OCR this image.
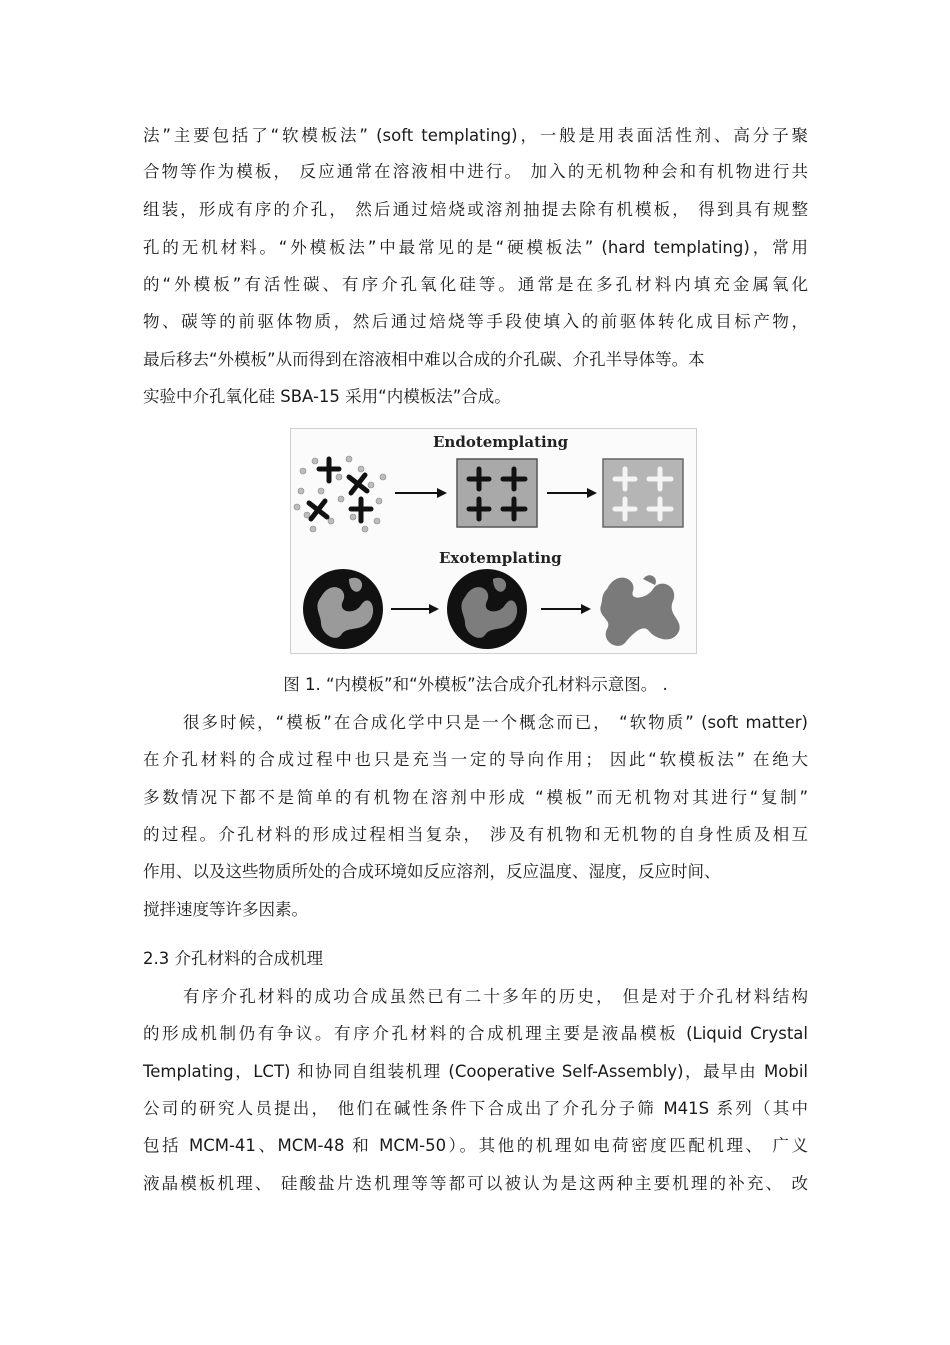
法”主要包括了“软模板法” (soft templating)，一般是用表面活性剂、高分子聚
合物等作为模板， 反应通常在溶液相中进行。 加入的无机物种会和有机物进行共
组装，形成有序的介孔， 然后通过焙烧或溶剂抽提去除有机模板， 得到具有规整
孔的无机材料。“外模板法”中最常见的是“硬模板法” (hard templating)，常用
的“外模板”有活性碳、有序介孔氧化硅等。通常是在多孔材料内填充金属氧化
物、碳等的前驱体物质，然后通过焙烧等手段使填入的前驱体转化成目标产物，
最后移去“外模板”从而得到在溶液相中难以合成的介孔碳、介孔半导体等。本
实验中介孔氧化硅 SBA-15 采用“内模板法”合成。
Endotemplating
Exotemplating
图 1. “内模板”和“外模板”法合成介孔材料示意图。 .
很多时候，“模板”在合成化学中只是一个概念而已， “软物质” (soft matter)
在介孔材料的合成过程中也只是充当一定的导向作用； 因此“软模板法” 在绝大
多数情况下都不是简单的有机物在溶剂中形成 “模板”而无机物对其进行“复制”
的过程。介孔材料的形成过程相当复杂， 涉及有机物和无机物的自身性质及相互
作用、以及这些物质所处的合成环境如反应溶剂，反应温度、湿度，反应时间、
搅拌速度等许多因素。
2.3 介孔材料的合成机理
有序介孔材料的成功合成虽然已有二十多年的历史， 但是对于介孔材料结构
的形成机制仍有争议。有序介孔材料的合成机理主要是液晶模板 (Liquid Crystal
Templating，LCT) 和协同自组装机理 (Cooperative Self-Assembly)，最早由 Mobil
公司的研究人员提出， 他们在碱性条件下合成出了介孔分子筛 M41S 系列（其中
包括 MCM-41、MCM-48 和 MCM-50）。其他的机理如电荷密度匹配机理、 广义
液晶模板机理、 硅酸盐片迭机理等等都可以被认为是这两种主要机理的补充、 改
